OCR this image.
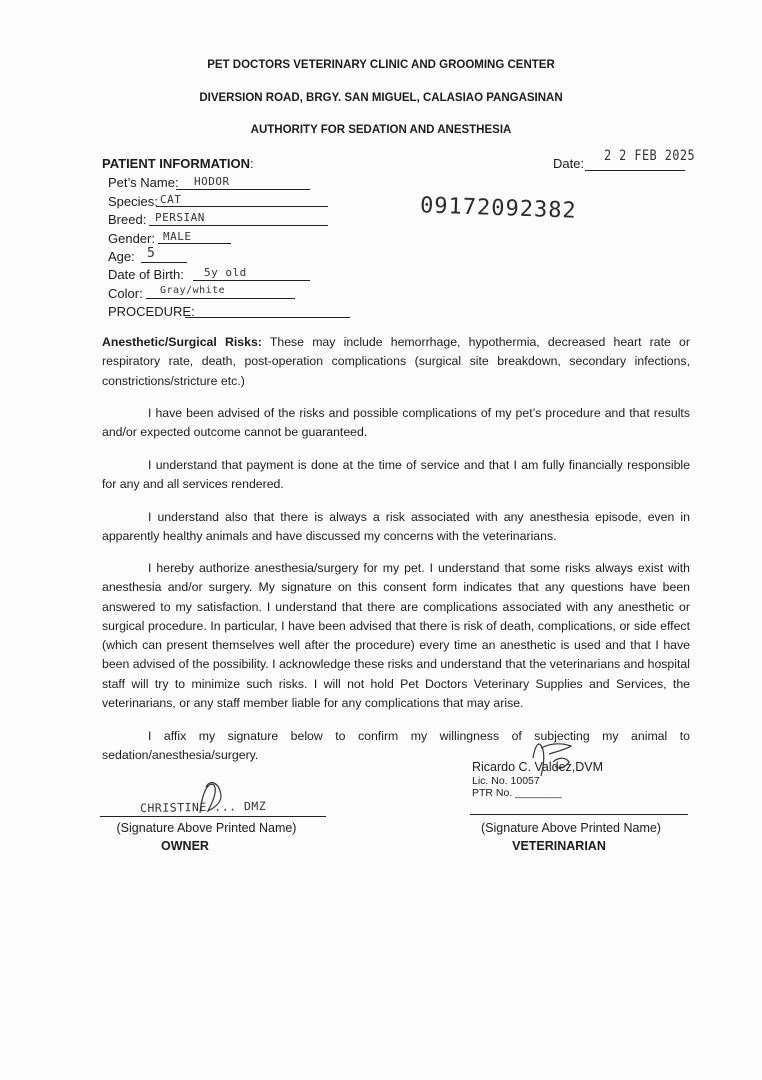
PET DOCTORS VETERINARY CLINIC AND GROOMING CENTER
DIVERSION ROAD, BRGY. SAN MIGUEL, CALASIAO PANGASINAN
AUTHORITY FOR SEDATION AND ANESTHESIA
PATIENT INFORMATION:	Date: 2 2 FEB 2025
Pet’s Name: HODOR
Species: CAT
Breed: PERSIAN
Gender: MALE
Age: 5
Date of Birth: 5y old
Color: Gray/white
PROCEDURE:
09172092382

Anesthetic/Surgical Risks: These may include hemorrhage, hypothermia, decreased heart rate or respiratory rate, death, post-operation complications (surgical site breakdown, secondary infections, constrictions/stricture etc.)

I have been advised of the risks and possible complications of my pet’s procedure and that results and/or expected outcome cannot be guaranteed.

I understand that payment is done at the time of service and that I am fully financially responsible for any and all services rendered.

I understand also that there is always a risk associated with any anesthesia episode, even in apparently healthy animals and have discussed my concerns with the veterinarians.

I hereby authorize anesthesia/surgery for my pet. I understand that some risks always exist with anesthesia and/or surgery. My signature on this consent form indicates that any questions have been answered to my satisfaction. I understand that there are complications associated with any anesthetic or surgical procedure. In particular, I have been advised that there is risk of death, complications, or side effect (which can present themselves well after the procedure) every time an anesthetic is used and that I have been advised of the possibility. I acknowledge these risks and understand that the veterinarians and hospital staff will try to minimize such risks. I will not hold Pet Doctors Veterinary Supplies and Services, the veterinarians, or any staff member liable for any complications that may arise.

I affix my signature below to confirm my willingness of subjecting my animal to sedation/anesthesia/surgery.

Ricardo C. Valdez,DVM
Lic. No. 10057
PTR No. ________
CHRISTINE ... DMZ
(Signature Above Printed Name)
OWNER
(Signature Above Printed Name)
VETERINARIAN
